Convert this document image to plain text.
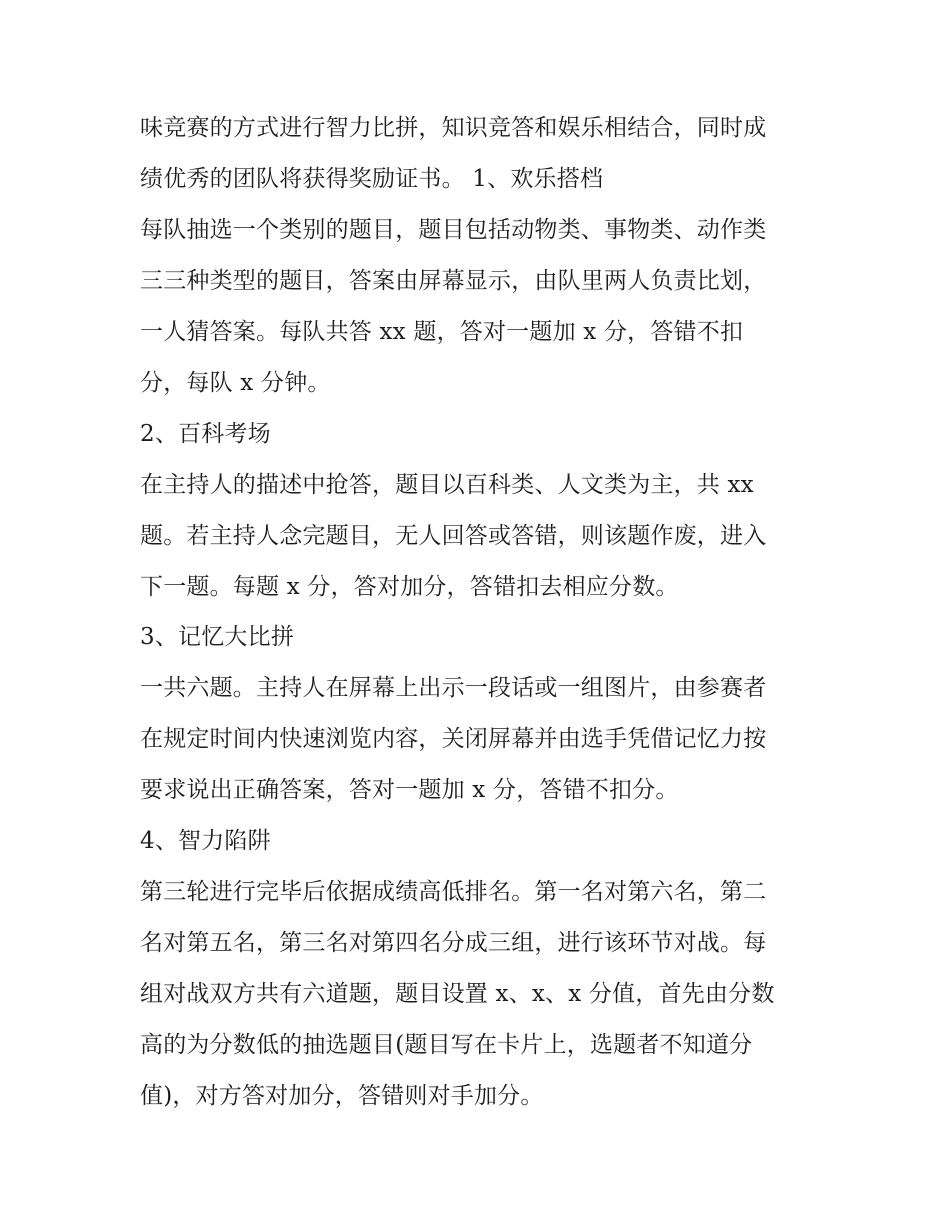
味竞赛的方式进行智力比拼，知识竞答和娱乐相结合，同时成
绩优秀的团队将获得奖励证书。 1、欢乐搭档
每队抽选一个类别的题目，题目包括动物类、事物类、动作类
三三种类型的题目，答案由屏幕显示，由队里两人负责比划，
一人猜答案。每队共答 xx 题，答对一题加 x 分，答错不扣
分，每队 x 分钟。
2、百科考场
在主持人的描述中抢答，题目以百科类、人文类为主，共 xx
题。若主持人念完题目，无人回答或答错，则该题作废，进入
下一题。每题 x 分，答对加分，答错扣去相应分数。
3、记忆大比拼
一共六题。主持人在屏幕上出示一段话或一组图片，由参赛者
在规定时间内快速浏览内容，关闭屏幕并由选手凭借记忆力按
要求说出正确答案，答对一题加 x 分，答错不扣分。
4、智力陷阱
第三轮进行完毕后依据成绩高低排名。第一名对第六名，第二
名对第五名，第三名对第四名分成三组，进行该环节对战。每
组对战双方共有六道题，题目设置 x、x、x 分值，首先由分数
高的为分数低的抽选题目(题目写在卡片上，选题者不知道分
值)，对方答对加分，答错则对手加分。
